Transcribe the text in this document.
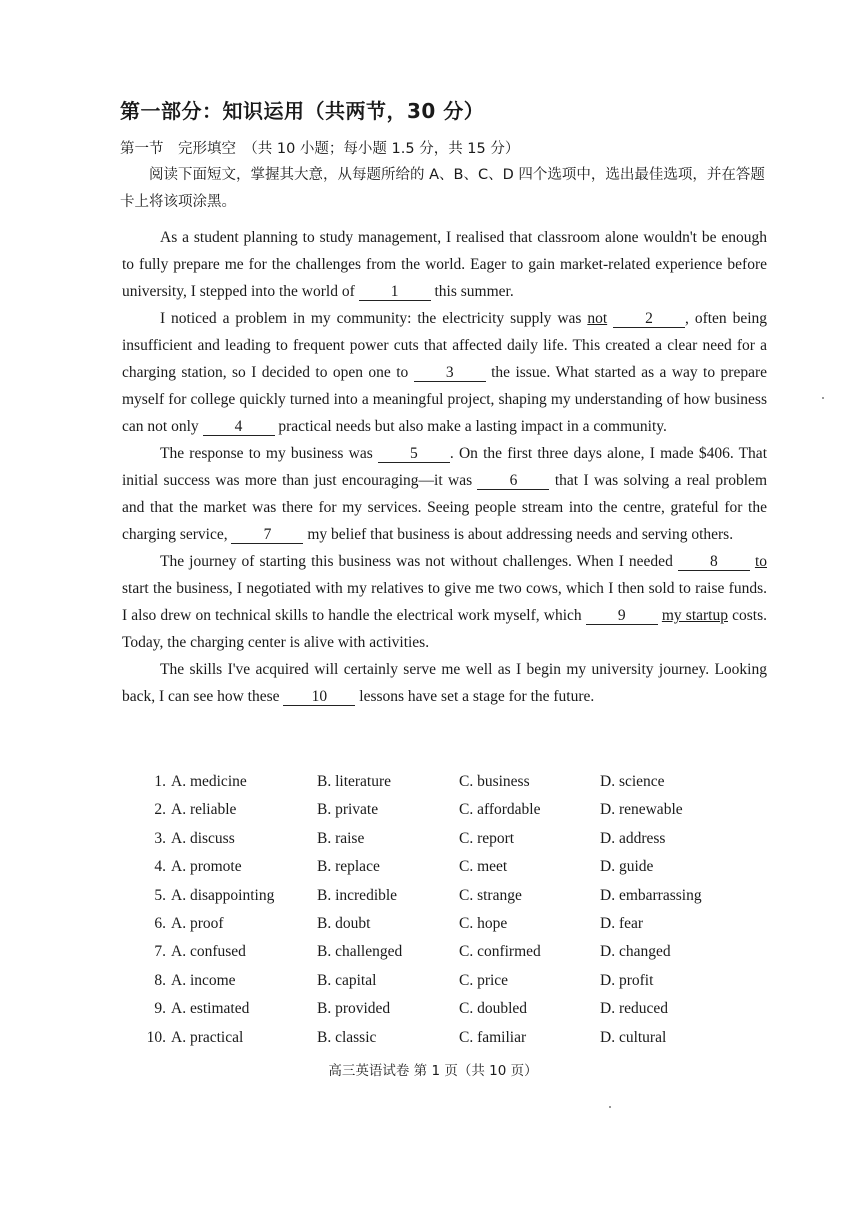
第一部分：知识运用（共两节，30 分）
第一节　完形填空　（共 10 小题；每小题 1.5 分，共 15 分）
阅读下面短文，掌握其大意，从每题所给的 A、B、C、D 四个选项中，选出最佳选项，并在答题卡上将该项涂黑。

As a student planning to study management, I realised that classroom alone wouldn't be enough to fully prepare me for the challenges from the world. Eager to gain market-related experience before university, I stepped into the world of 1 this summer.

I noticed a problem in my community: the electricity supply was not 2 , often being insufficient and leading to frequent power cuts that affected daily life. This created a clear need for a charging station, so I decided to open one to 3 the issue. What started as a way to prepare myself for college quickly turned into a meaningful project, shaping my understanding of how business can not only 4 practical needs but also make a lasting impact in a community.

The response to my business was 5 . On the first three days alone, I made $406. That initial success was more than just encouraging—it was 6 that I was solving a real problem and that the market was there for my services. Seeing people stream into the centre, grateful for the charging service, 7 my belief that business is about addressing needs and serving others.

The journey of starting this business was not without challenges. When I needed 8 to start the business, I negotiated with my relatives to give me two cows, which I then sold to raise funds. I also drew on technical skills to handle the electrical work myself, which 9 my startup costs. Today, the charging center is alive with activities.

The skills I've acquired will certainly serve me well as I begin my university journey. Looking back, I can see how these 10 lessons have set a stage for the future.

1. A. medicine	B. literature	C. business	D. science
2. A. reliable	B. private	C. affordable	D. renewable
3. A. discuss	B. raise	C. report	D. address
4. A. promote	B. replace	C. meet	D. guide
5. A. disappointing	B. incredible	C. strange	D. embarrassing
6. A. proof	B. doubt	C. hope	D. fear
7. A. confused	B. challenged	C. confirmed	D. changed
8. A. income	B. capital	C. price	D. profit
9. A. estimated	B. provided	C. doubled	D. reduced
10. A. practical	B. classic	C. familiar	D. cultural
高三英语试卷 第 1 页（共 10 页）
